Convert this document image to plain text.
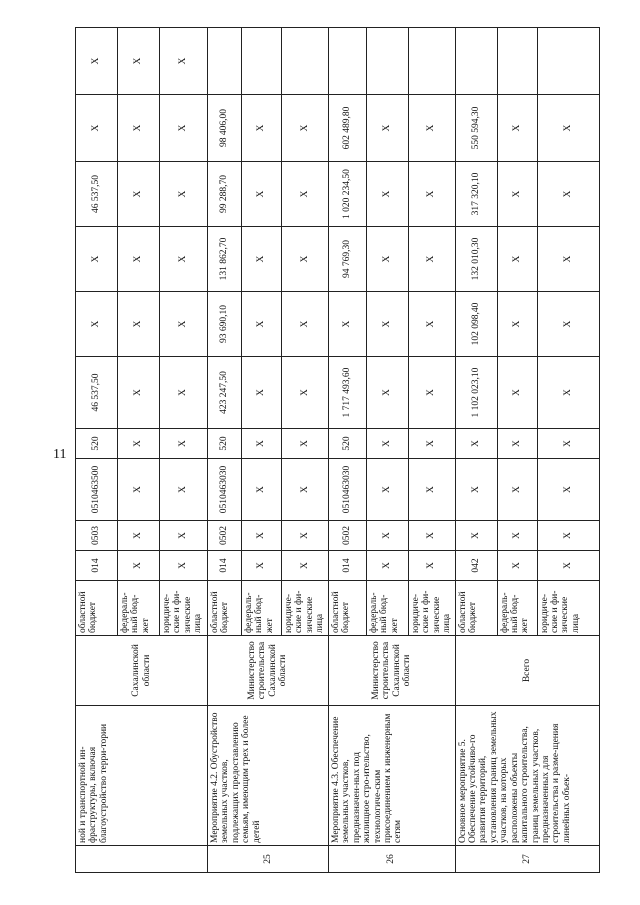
11
	ной и транспортной ин-фраструктуры, включая благоустройство терри-тории	Сахалинской области	областной бюджет	014	0503	0510463500	520	46 537,50	X	X	46 537,50	X	X
			федераль-ный бюд-жет	X	X	X	X	X	X	X	X	X	X
			юридиче-ские и фи-зические лица	X	X	X	X	X	X	X	X	X	X
25	Мероприятие 4.2. Обустройство земельных участков, подлежащих предоставлению семьям, имеющим трех и более детей	Министерство строительства Сахалинской области	областной бюджет	014	0502	0510463030	520	423 247,50	93 690,10	131 862,70	99 288,70	98 406,00	
			федераль-ный бюд-жет	X	X	X	X	X	X	X	X	X	
			юридиче-ские и фи-зические лица	X	X	X	X	X	X	X	X	X	
26	Мероприятие 4.3. Обеспечение земельных участков, предназначен-ных под жилищное стро-ительство, технологиче-ским присоединением к инженерным сетям	Министерство строительства Сахалинской области	областной бюджет	014	0502	0510463030	520	1 717 493,60	X	94 769,30	1 020 234,50	602 489,80	
			федераль-ный бюд-жет	X	X	X	X	X	X	X	X	X	
			юридиче-ские и фи-зические лица	X	X	X	X	X	X	X	X	X	
27	Основное мероприятие 5. Обеспечение устойчиво-го развития территорий, установления границ земельных участков, на которых расположены объекты капитального строительства, границ земельных участков, предназначенных для строительства и разме-щения линейных объек-	Всего	областной бюджет	042	X	X	X	1 102 023,10	102 098,40	132 010,30	317 320,10	550 594,30	
			федераль-ный бюд-жет	X	X	X	X	X	X	X	X	X	
			юридиче-ские и фи-зические лица	X	X	X	X	X	X	X	X	X	
